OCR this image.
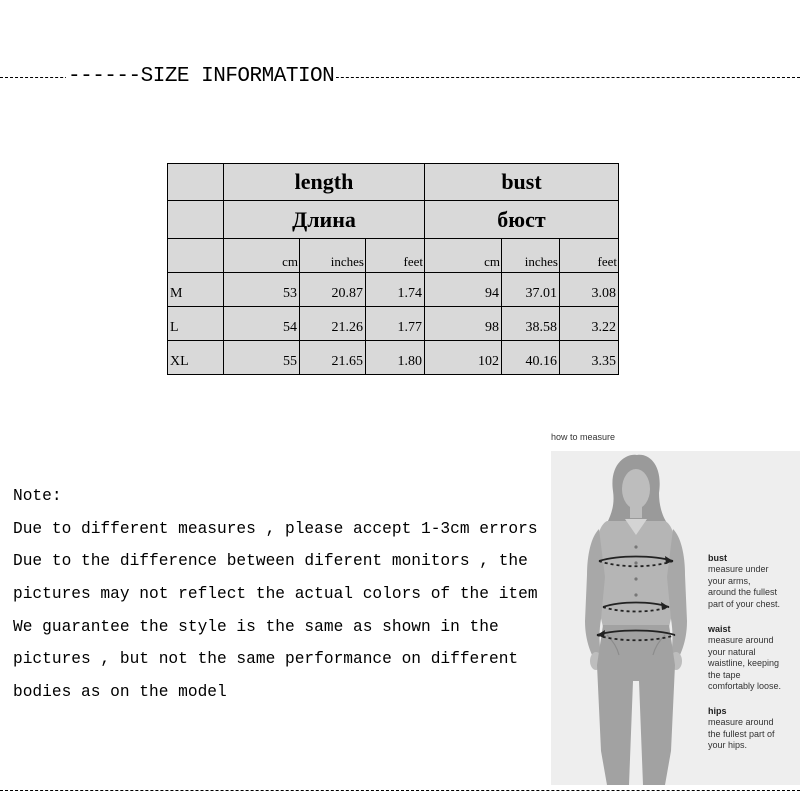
------SIZE INFORMATION
	length			bust		
	Длина			бюст		
	cm	inches	feet	cm	inches	feet
M	53	20.87	1.74	94	37.01	3.08
L	54	21.26	1.77	98	38.58	3.22
XL	55	21.65	1.80	102	40.16	3.35
Note:
Due to different measures , please accept 1-3cm errors
Due to the difference between diferent monitors , the
pictures may not reflect the actual colors of the item
We guarantee the style is the same as shown in the
pictures , but not the same performance on different
bodies as on the model
how to measure
bust
measure under
your arms,
around the fullest
part of your chest.
waist
measure around
your natural
waistline, keeping
the tape
comfortably loose.
hips
measure around
the fullest part of
your hips.
